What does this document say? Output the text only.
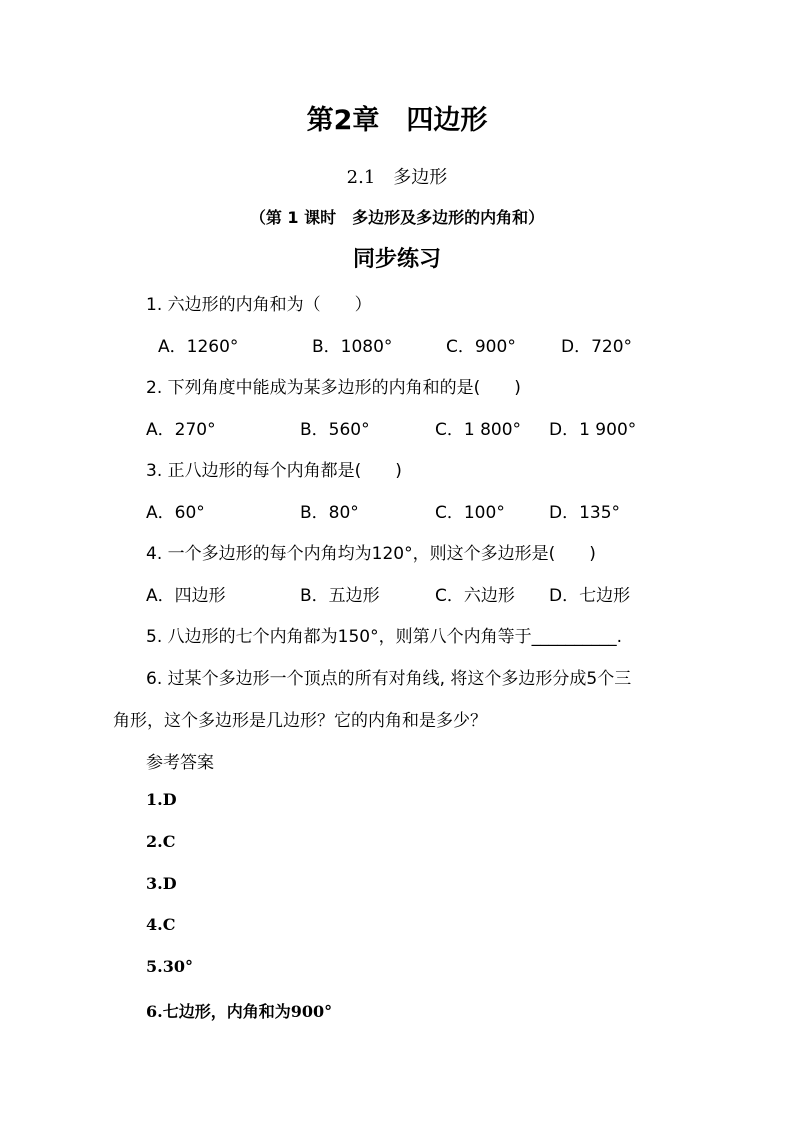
第2章　四边形
2.1　多边形
（第 1 课时　多边形及多边形的内角和）
同步练习
1. 六边形的内角和为（　　）
A．1260°	B．1080°	C．900°	D．720°
2. 下列角度中能成为某多边形的内角和的是(　　)
A．270°	B．560°	C．1 800° D．1 900°
3. 正八边形的每个内角都是(　　)
A．60°	B．80°	C．100°	D．135°
4. 一个多边形的每个内角均为120°，则这个多边形是(　　)
A．四边形	B．五边形	C．六边形 D．七边形
5. 八边形的七个内角都为150°，则第八个内角等于__________.
6. 过某个多边形一个顶点的所有对角线, 将这个多边形分成5个三
角形，这个多边形是几边形？它的内角和是多少？
参考答案
1.D
2.C
3.D
4.C
5.30°
6.七边形，内角和为900°
